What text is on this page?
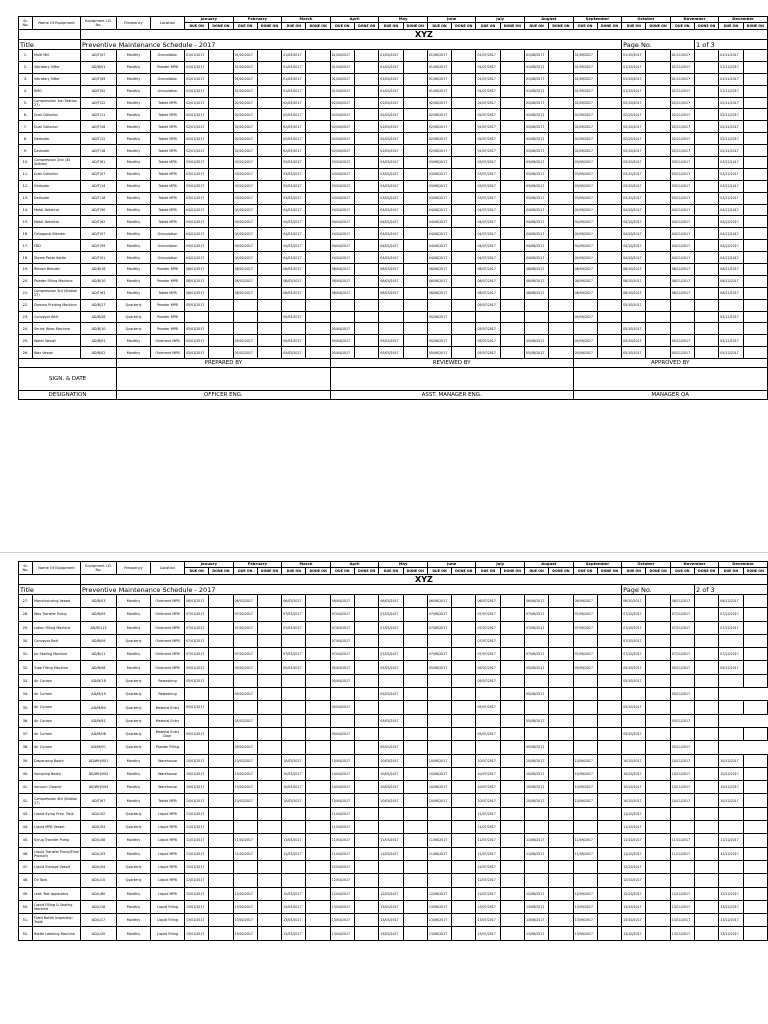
		XYZ																										
Title		Preventive Maintenance Schedule - 2017																					Page No.			1 of 3		
Sr. No.	Name Of Equipment	Equipment I.D. No.	Frequency	Location	January		February		March		April		May		June		July		August		September		October		November		December	
					DUE ON	DONE ON	DUE ON	DONE ON	DUE ON	DONE ON	DUE ON	DONE ON	DUE ON	DONE ON	DUE ON	DONE ON	DUE ON	DONE ON	DUE ON	DONE ON	DUE ON	DONE ON	DUE ON	DONE ON	DUE ON	DONE ON	DUE ON	DONE ON
1.	Multi Mill	AD/T/07	Monthly	Granulation	01/01/2017		01/02/2017		01/03/2017		01/04/2017		01/05/2017		01/06/2017		01/07/2017		01/08/2017		01/09/2017		01/10/2017		01/11/2017		01/12/2017	
2.	Vibratory Sifter	AD/B/01	Monthly	Powder MPB	01/01/2017		01/02/2017		01/03/2017		01/04/2017		01/05/2017		01/06/2017		01/07/2017		01/08/2017		01/09/2017		01/10/2017		01/11/2017		01/12/2017	
3.	Vibratory Sifter	AD/T/09	Monthly	Granulation	01/01/2017		01/02/2017		01/03/2017		01/04/2017		01/05/2017		01/06/2017		01/07/2017		01/08/2017		01/09/2017		01/10/2017		01/11/2017		01/12/2017	
4.	RMG	AD/T/02	Monthly	Granulation	01/01/2017		01/02/2017		01/03/2017		01/04/2017		01/05/2017		01/06/2017		01/07/2017		01/08/2017		01/09/2017		01/10/2017		01/11/2017		01/12/2017	
5.	Compression 1st (Station 27)	AD/T/22	Monthly	Tablet MPB	02/01/2017		02/02/2017		02/03/2017		02/04/2017		02/05/2017		02/06/2017		02/07/2017		02/08/2017		02/09/2017		02/10/2017		02/11/2017		02/12/2017	
6.	Dust Collector	AD/T/11	Monthly	Tablet MPB	02/01/2017		02/02/2017		02/03/2017		02/04/2017		02/05/2017		02/06/2017		02/07/2017		02/08/2017		02/09/2017		02/10/2017		02/11/2017		02/12/2017	
7.	Dust Collector	AD/T/28	Monthly	Tablet MPB	02/01/2017		02/02/2017		02/03/2017		02/04/2017		02/05/2017		02/06/2017		02/07/2017		02/08/2017		02/09/2017		02/10/2017		02/11/2017		02/12/2017	
8.	Deduster	AD/T/12	Monthly	Tablet MPB	02/01/2017		02/02/2017		02/03/2017		02/04/2017		02/05/2017		02/06/2017		02/07/2017		02/08/2017		02/09/2017		02/10/2017		02/11/2017		02/12/2017	
9.	Deduster	AD/T/18	Monthly	Tablet MPB	02/01/2017		02/02/2017		02/03/2017		02/04/2017		02/05/2017		02/06/2017		02/07/2017		02/08/2017		02/09/2017		02/10/2017		02/11/2017		02/12/2017	
10.	Compression 2nd (35 Station)	AD/T/61	Monthly	Tablet MPB	03/01/2017		03/02/2017		03/03/2017		03/04/2017		03/05/2017		03/06/2017		03/07/2017		03/08/2017		03/09/2017		03/10/2017		03/11/2017		03/12/2017	
11.	Dust Collector	AD/T/07	Monthly	Tablet MPB	03/01/2017		03/02/2017		03/03/2017		03/04/2017		03/05/2017		03/06/2017		03/07/2017		03/08/2017		03/09/2017		03/10/2017		03/11/2017		03/12/2017	
12.	Deduster	AD/T/14	Monthly	Tablet MPB	03/01/2017		03/02/2017		03/03/2017		03/04/2017		03/05/2017		03/06/2017		03/07/2017		03/08/2017		03/09/2017		03/10/2017		03/11/2017		03/12/2017	
13.	Deduster	AD/T/18	Monthly	Tablet MPB	03/01/2017		03/02/2017		03/03/2017		03/04/2017		03/05/2017		03/06/2017		03/07/2017		03/08/2017		03/09/2017		03/10/2017		03/11/2017		03/12/2017	
14.	Metal Detector	AD/T/90	Monthly	Tablet MPB	04/01/2017		04/02/2017		04/03/2017		04/04/2017		04/05/2017		04/06/2017		04/07/2017		04/08/2017		04/09/2017		04/10/2017		04/11/2017		04/12/2017	
15.	Metal Detector	AD/T/62	Monthly	Tablet MPB	04/01/2017		04/02/2017		04/03/2017		04/04/2017		04/05/2017		04/06/2017		04/07/2017		04/08/2017		04/09/2017		04/10/2017		04/11/2017		04/12/2017	
16.	Octagonal Blender	AD/T/07	Monthly	Granulation	04/01/2017		04/02/2017		04/03/2017		04/04/2017		04/05/2017		04/06/2017		04/07/2017		04/08/2017		04/09/2017		04/10/2017		04/11/2017		04/12/2017	
17.	FBD	AD/T/09	Monthly	Granulation	04/01/2017		04/02/2017		04/03/2017		04/04/2017		04/05/2017		04/06/2017		04/07/2017		04/08/2017		04/09/2017		04/10/2017		04/11/2017		04/12/2017	
18.	Steam Paste Kettle	AD/T/01	Monthly	Granulation	04/01/2017		04/02/2017		04/03/2017		04/04/2017		04/05/2017		04/06/2017		04/07/2017		04/08/2017		04/09/2017		04/10/2017		04/11/2017		04/12/2017	
19.	Ribbon Blender	AD/B/18	Monthly	Powder MPB	08/01/2017		08/02/2017		08/03/2017		08/04/2017		08/05/2017		08/06/2017		08/07/2017		08/08/2017		08/09/2017		08/10/2017		08/11/2017		08/12/2017	
20.	Powder Filling Machine	AD/B/10	Monthly	Powder MPB	08/01/2017		08/02/2017		08/03/2017		08/04/2017		08/05/2017		08/06/2017		08/07/2017		08/08/2017		08/09/2017		08/10/2017		08/11/2017		08/12/2017	
21.	Compression 3rd (Station 27)	AD/T/63	Monthly	Tablet MPB	08/01/2017		08/02/2017		08/03/2017		08/04/2017		08/05/2017		08/06/2017		08/07/2017		08/08/2017		08/09/2017		08/10/2017		08/11/2017		08/12/2017	
22.	Domino Printing Machine	AD/B/27	Quarterly	Powder MPB	05/01/2017												05/07/2017						05/10/2017					
23.	Conveyor Belt	AD/B/28	Quarterly	Powder MPB					05/03/2017						05/06/2017						05/09/2017						05/12/2017	
24.	Shrink Wrap Machine	AD/B/10	Quarterly	Powder MPB	05/01/2017						05/04/2017						05/07/2017						05/10/2017					
25.	Water Vessel	AD/B/01	Monthly	Ointment MPB	05/01/2017		05/02/2017		05/03/2017		05/04/2017		05/05/2017		05/06/2017		05/07/2017		05/08/2017		05/09/2017		05/10/2017		05/11/2017		05/12/2017	
26.	Wax Vessel	AD/B/02	Monthly	Ointment MPB	05/01/2017		05/02/2017		05/03/2017		05/04/2017		05/05/2017		05/06/2017		05/07/2017		05/08/2017		05/09/2017		05/10/2017		05/11/2017		05/12/2017	
			PREPARED BY								REVIEWED BY										APPROVED BY							
SIGN. & DATE																												
DESIGNATION			OFFICER ENG.								ASST. MANAGER ENG.										MANAGER QA							
		XYZ																										
Title		Preventive Maintenance Schedule - 2017																					Page No.			2 of 3		
Sr. No.	Name Of Equipment	Equipment I.D. No.	Frequency	Location	January		February		March		April		May		June		July		August		September		October		November		December	
					DUE ON	DONE ON	DUE ON	DONE ON	DUE ON	DONE ON	DUE ON	DONE ON	DUE ON	DONE ON	DUE ON	DONE ON	DUE ON	DONE ON	DUE ON	DONE ON	DUE ON	DONE ON	DUE ON	DONE ON	DUE ON	DONE ON	DUE ON	DONE ON
27.	Manufacturing Vessel	AD/B/03	Monthly	Ointment MPB	06/01/2017		06/02/2017		06/03/2017		06/04/2017		06/05/2017		06/06/2017		06/07/2017		06/08/2017		06/09/2017		06/10/2017		06/11/2017		06/12/2017	
28.	Wax Transfer Pump	AD/B/05	Monthly	Ointment MPB	07/01/2017		07/02/2017		07/03/2017		07/04/2017		07/05/2017		07/06/2017		07/07/2017		07/08/2017		07/09/2017		07/10/2017		07/11/2017		07/12/2017	
29.	Lotion Filling Machine	AD/B/113	Monthly	Ointment MPB	07/01/2017		07/02/2017		07/03/2017		07/04/2017		07/05/2017		07/06/2017		07/07/2017		07/08/2017		07/09/2017		07/10/2017		07/11/2017		07/12/2017	
30.	Conveyor Belt	AD/B/09	Quarterly	Ointment MPB	07/01/2017						07/04/2017						07/07/2017						07/10/2017					
31.	Jar Sealing Machine	AD/B/11	Monthly	Ointment MPB	07/01/2017		07/02/2017		07/03/2017		07/04/2017		07/05/2017		07/06/2017		07/07/2017		07/08/2017		07/09/2017		07/10/2017		07/11/2017		07/12/2017	
32.	Tube Filling Machine	AD/B/08	Monthly	Ointment MPB	05/01/2017		05/02/2017		05/03/2017		05/04/2017		05/05/2017		05/06/2017		05/07/2017		05/08/2017		05/09/2017		05/10/2017		05/11/2017		05/12/2017	
33.	Air Curtain	AD/M/18	Quarterly	Rewashing	05/01/2017						05/04/2017						05/07/2017						05/10/2017					
34.	Air Curtain	AD/M/19	Quarterly	Rewashing			05/02/2017						05/05/2017						05/08/2017						05/11/2017			
35.	Air Curtain	AD/M/80	Quarterly	Material Entry	05/01/2017						05/04/2017						05/07/2017						05/10/2017					
36.	Air Curtain	AD/M/81	Quarterly	Material Entry			05/02/2017						05/05/2017						05/08/2017						05/11/2017			
37.	Air Curtain	AD/M/08	Quarterly	Material Entry Door	05/01/2017						05/04/2017						05/07/2017						05/10/2017					
38.	Air Curtain	AD/M/0C	Quarterly	Powder Filling			05/02/2017						05/05/2017						05/08/2017						05/11/2017			
39.	Dispensing Booth	AD/WH/001	Monthly	Warehouse	10/01/2017		10/02/2017		10/03/2017		10/04/2017		10/05/2017		10/06/2017		10/07/2017		10/08/2017		10/09/2017		10/10/2017		10/11/2017		10/12/2017	
40.	Sampling Booth	AD/WH/002	Monthly	Warehouse	10/01/2017		10/02/2017		10/03/2017		10/04/2017		10/05/2017		10/06/2017		10/07/2017		10/08/2017		10/09/2017		10/10/2017		10/11/2017		10/12/2017	
41.	Vacuum Cleaner	AD/WH/003	Monthly	Warehouse	10/01/2017		10/02/2017		10/03/2017		10/04/2017		10/05/2017		10/06/2017		10/07/2017		10/08/2017		10/09/2017		10/10/2017		10/11/2017		10/12/2017	
42.	Compression 4th (Station 27)	AD/T/67	Monthly	Tablet MPB	10/01/2017		10/02/2017		10/03/2017		10/04/2017		10/05/2017		10/06/2017		10/07/2017		10/08/2017		10/09/2017		10/10/2017		10/11/2017		10/12/2017	
43.	Liquid Syrup Prep. Tank	AD/L/02	Quarterly	Liquid MPB	11/01/2017						11/04/2017						11/07/2017						11/10/2017					
44.	Liquid MPB Vessel	AD/L/03	Quarterly	Liquid MPB	11/01/2017						11/04/2017						11/07/2017						11/10/2017					
45.	Syrup Transfer Pump	AD/L/08	Monthly	Liquid MPB	11/01/2017		11/02/2017		11/03/2017		11/04/2017		11/05/2017		11/06/2017		11/07/2017		11/08/2017		11/09/2017		11/10/2017		11/11/2017		11/12/2017	
46.	Liquid Transfer Pump(Final Product)	AD/L/03	Monthly	Liquid MPB	11/01/2017		11/02/2017		11/03/2017		11/04/2017		11/05/2017		11/06/2017		11/07/2017		11/08/2017		11/09/2017		11/10/2017		11/11/2017		11/12/2017	
47.	Liquid Storage Vessel	AD/L/04	Quarterly	Liquid MPB	12/01/2017						12/04/2017						12/07/2017						12/10/2017					
48.	Oil Tank	AD/L/10	Quarterly	Liquid MPB	12/01/2017						12/04/2017						12/07/2017						12/10/2017					
49.	Leak Test Apparatus	AD/L/80	Monthly	Liquid MPB	12/01/2017		12/02/2017		12/03/2017		12/04/2017		12/05/2017		12/06/2017		12/07/2017		12/08/2017		12/09/2017		12/10/2017		12/11/2017		12/12/2017	
50.	Liquid Filling & Sealing Machine	AD/L/16	Monthly	Liquid Filling	13/01/2017		13/02/2017		13/03/2017		13/04/2017		13/05/2017		13/06/2017		13/07/2017		13/08/2017		13/09/2017		13/10/2017		13/11/2017		13/12/2017	
51.	Filled Bottle Inspection Table	AD/L/17	Monthly	Liquid Filling	13/01/2017		13/02/2017		13/03/2017		13/04/2017		13/05/2017		13/06/2017		13/07/2017		13/08/2017		13/09/2017		13/10/2017		13/11/2017		13/12/2017	
52.	Bottle Labeling Machine	AD/L/20	Monthly	Liquid Filling	13/01/2017		13/02/2017		13/03/2017		13/04/2017		13/05/2017		13/06/2017		13/07/2017		13/08/2017		13/09/2017		13/10/2017		13/11/2017		13/12/2017	
